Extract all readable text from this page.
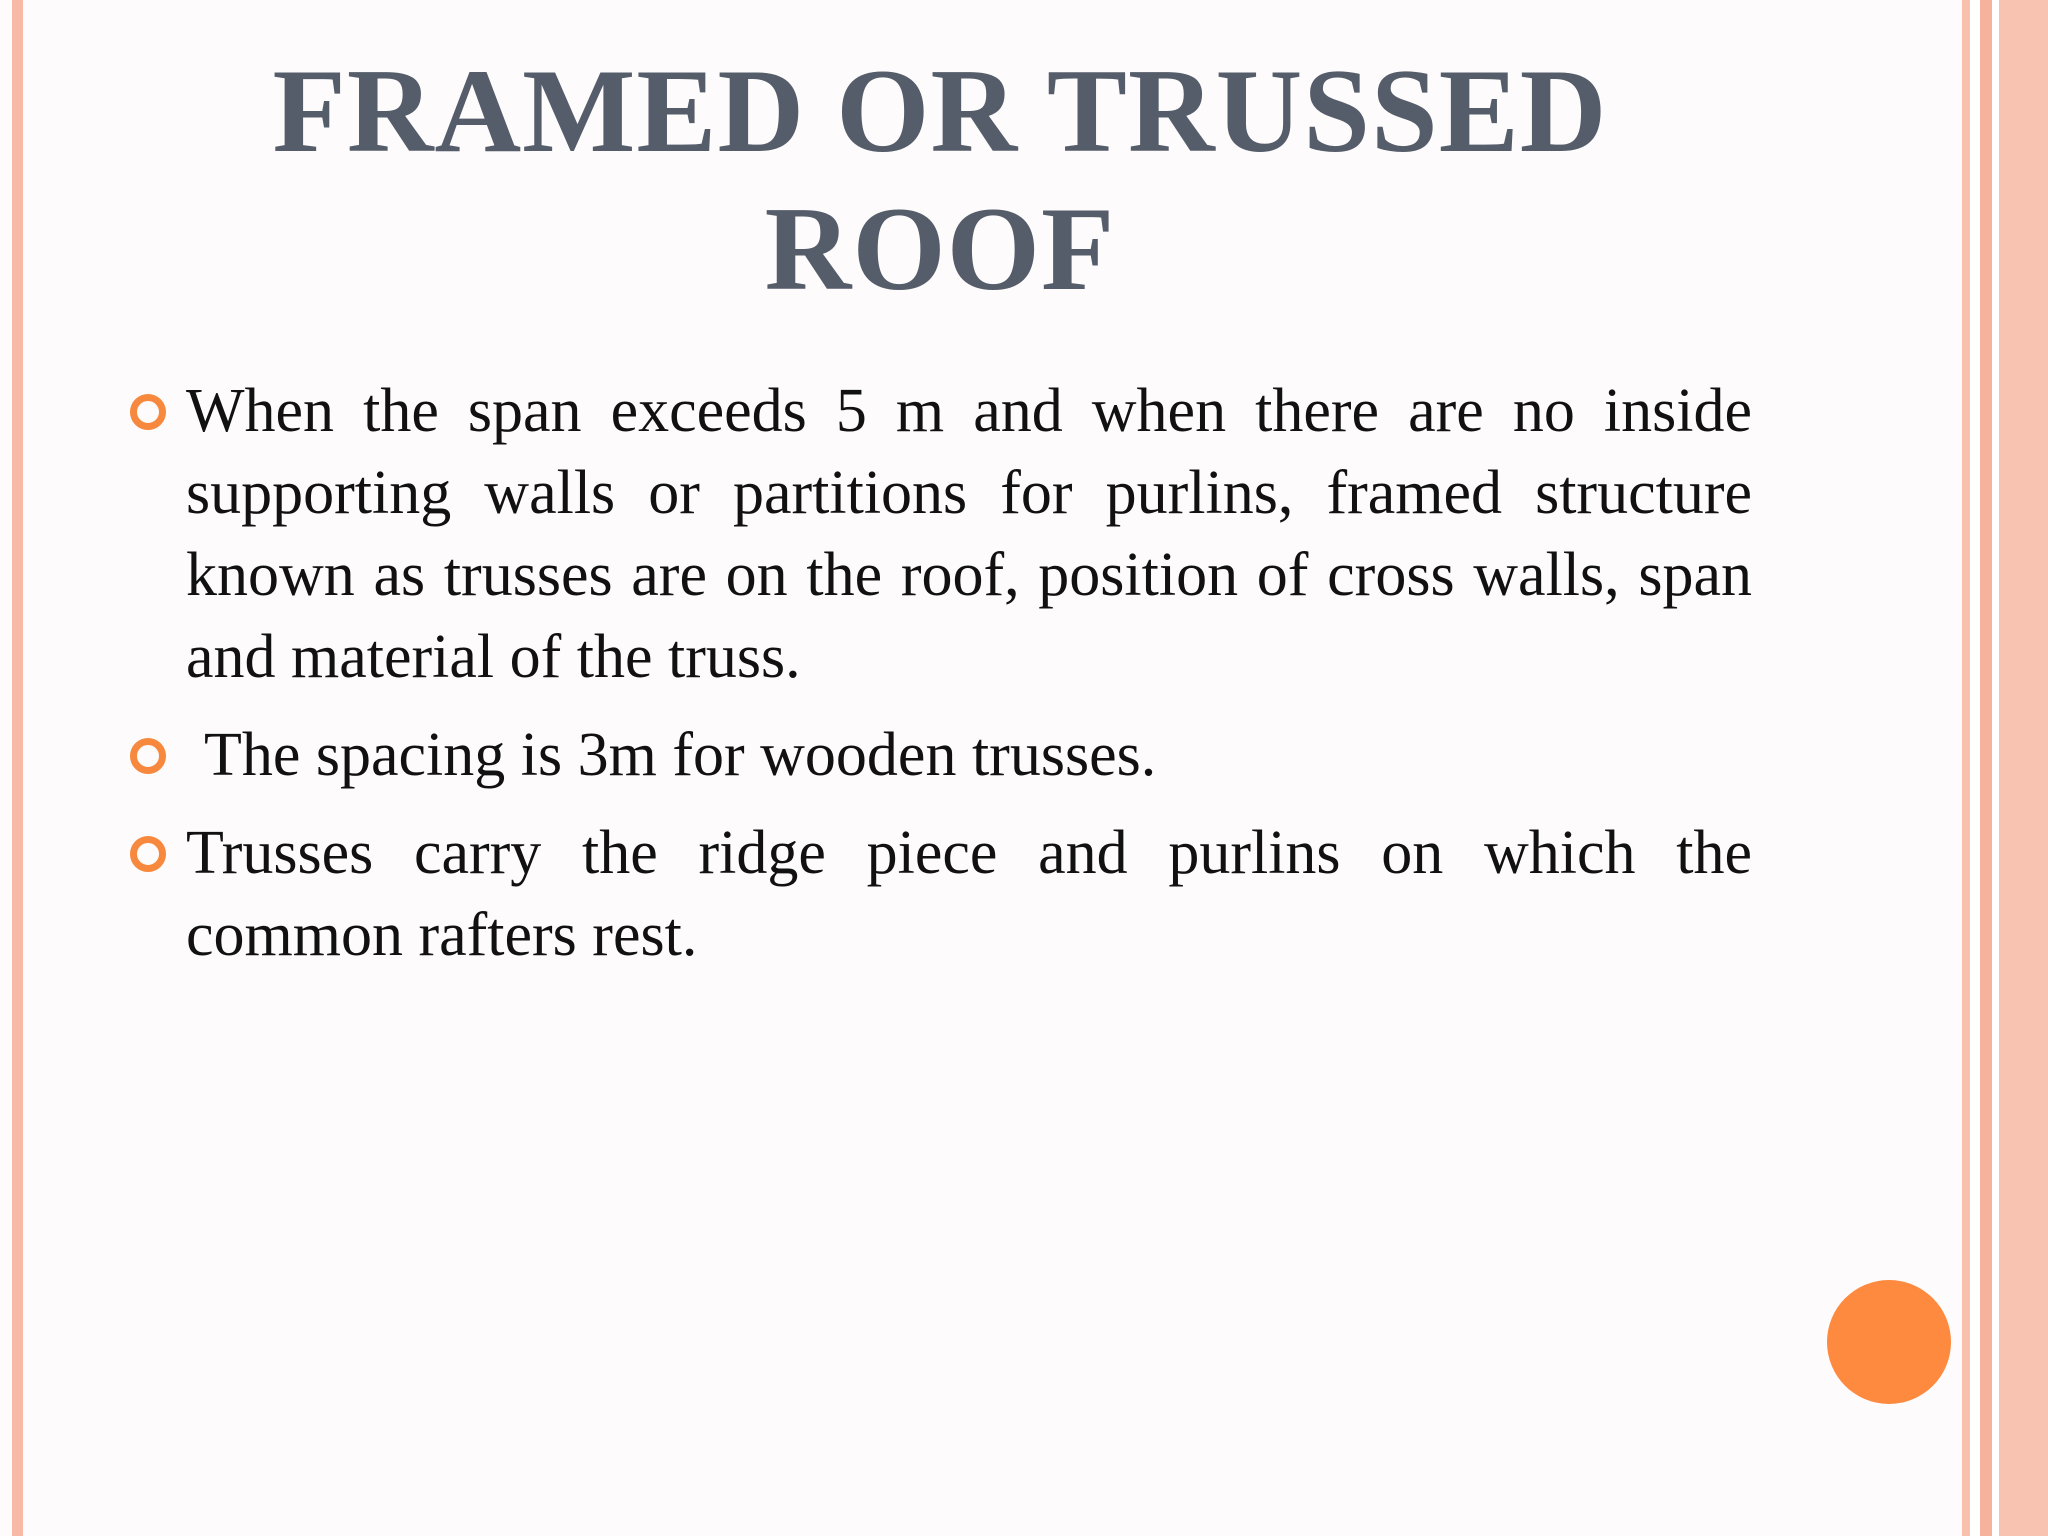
FRAMED OR TRUSSED ROOF
When the span exceeds 5 m and when there are no inside supporting walls or partitions for purlins, framed structure known as trusses are on the roof, position of cross walls, span and material of the truss.
The spacing is 3m for wooden trusses.
Trusses carry the ridge piece and purlins on which the common rafters rest.
